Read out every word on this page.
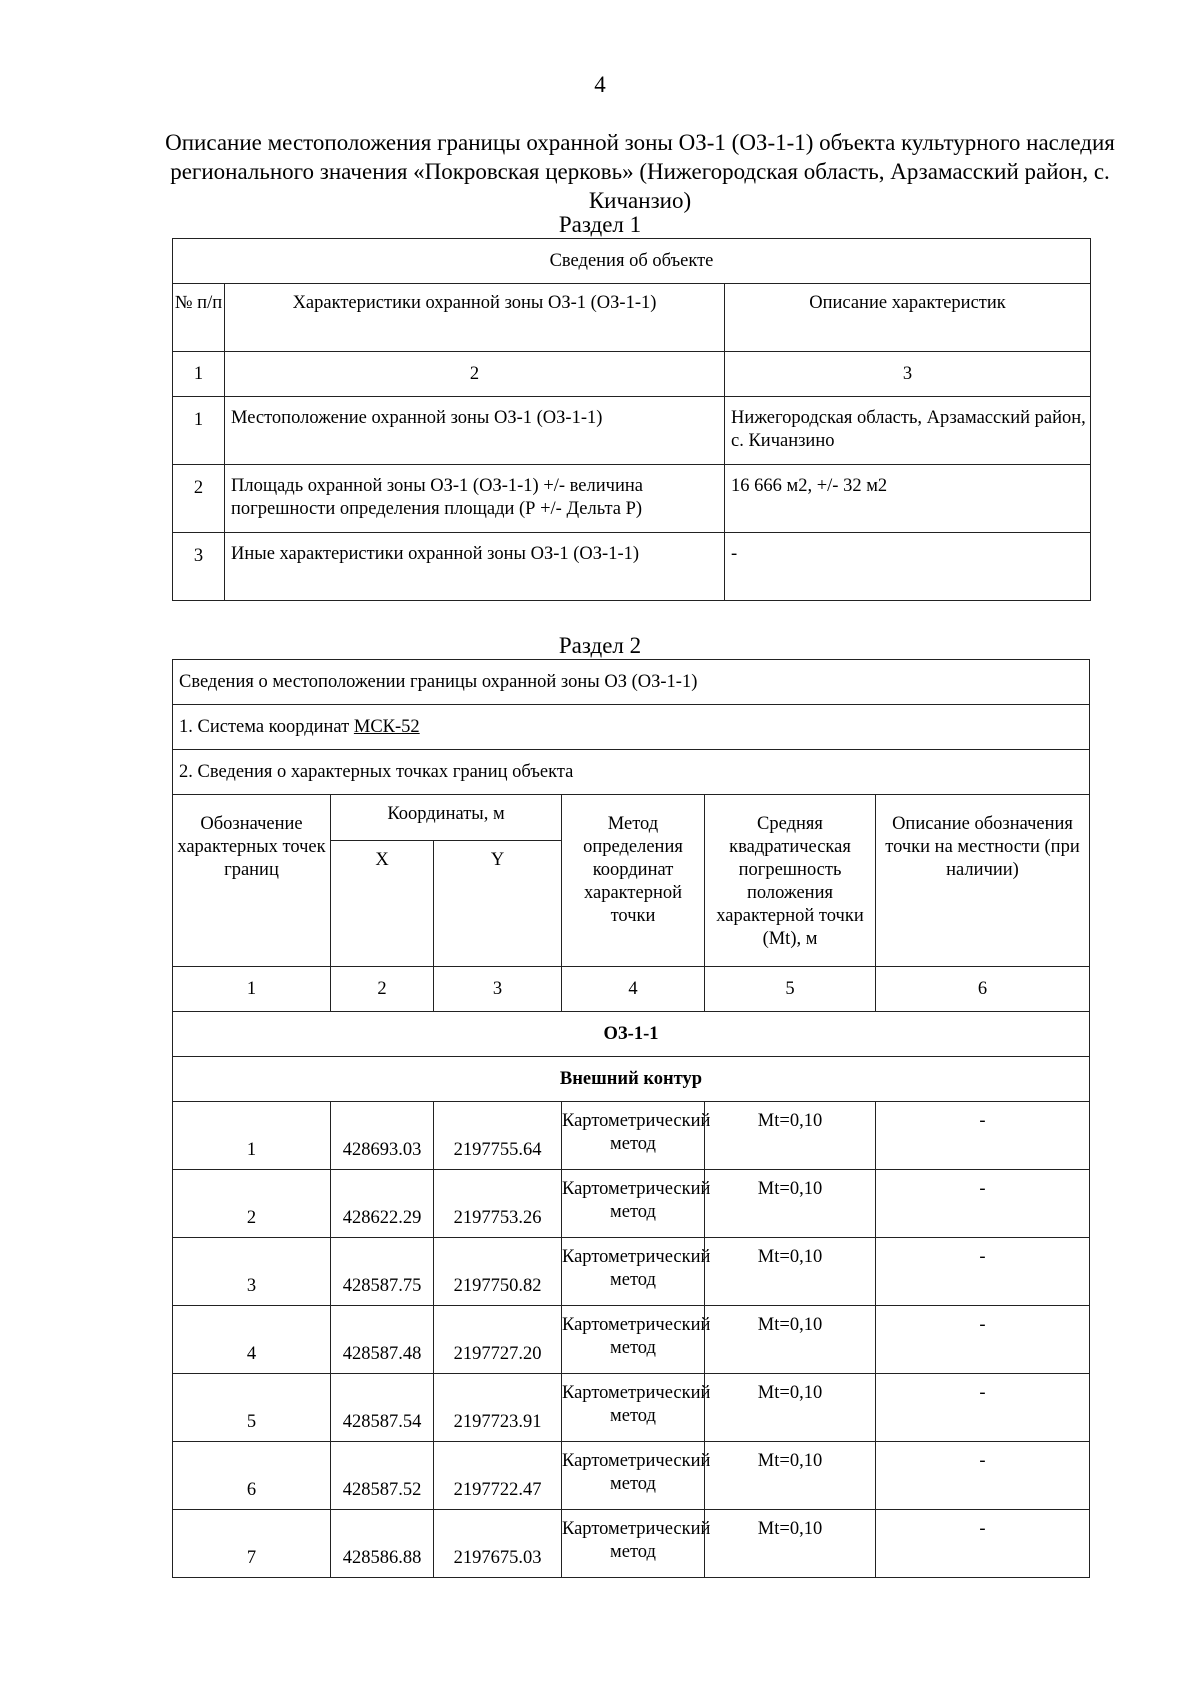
4
Описание местоположения границы охранной зоны ОЗ-1 (ОЗ-1-1) объекта культурного наследия регионального значения «Покровская церковь» (Нижегородская область, Арзамасский район, с. Кичанзио)
Раздел 1
Сведения об объекте		
№ п/п	Характеристики охранной зоны ОЗ-1 (ОЗ-1-1)	Описание характеристик
1	2	3
1	Местоположение охранной зоны ОЗ-1 (ОЗ-1-1)	Нижегородская область, Арзамасский район, с. Кичанзино
2	Площадь охранной зоны ОЗ-1 (ОЗ-1-1) +/- величина погрешности определения площади (Р +/- Дельта Р)	16 666 м2, +/- 32 м2
3	Иные характеристики охранной зоны ОЗ-1 (ОЗ-1-1)	-
Раздел 2
Сведения о местоположении границы охранной зоны ОЗ (ОЗ-1-1)					
1. Система координат МСК-52					
2. Сведения о характерных точках границ объекта					
Обозначение характерных точек границ	Координаты, м		Метод определения координат характерной точки	Средняя квадратическая погрешность положения характерной точки (Mt), м	Описание обозначения точки на местности (при наличии)
	X	Y			
1	2	3	4	5	6
ОЗ-1-1					
Внешний контур					
1	428693.03	2197755.64	Картометрический метод	Mt=0,10	-
2	428622.29	2197753.26	Картометрический метод	Mt=0,10	-
3	428587.75	2197750.82	Картометрический метод	Mt=0,10	-
4	428587.48	2197727.20	Картометрический метод	Mt=0,10	-
5	428587.54	2197723.91	Картометрический метод	Mt=0,10	-
6	428587.52	2197722.47	Картометрический метод	Mt=0,10	-
7	428586.88	2197675.03	Картометрический метод	Mt=0,10	-
